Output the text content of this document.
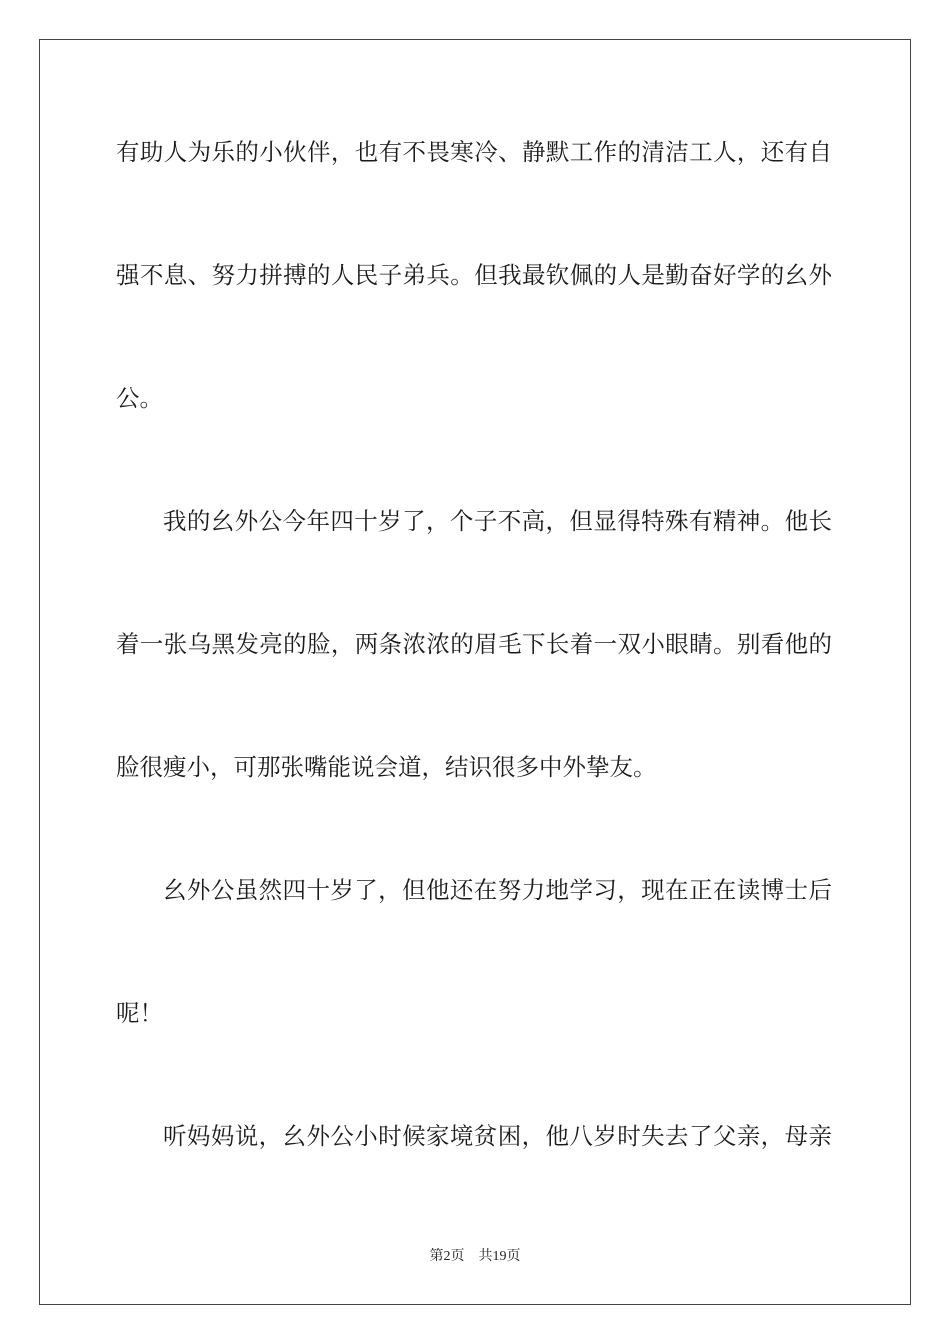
有助人为乐的小伙伴，也有不畏寒冷、静默工作的清洁工人，还有自
强不息、努力拼搏的人民子弟兵。但我最钦佩的人是勤奋好学的幺外
公。
我的幺外公今年四十岁了，个子不高，但显得特殊有精神。他长
着一张乌黑发亮的脸，两条浓浓的眉毛下长着一双小眼睛。别看他的
脸很瘦小，可那张嘴能说会道，结识很多中外挚友。
幺外公虽然四十岁了，但他还在努力地学习，现在正在读博士后
呢！
听妈妈说，幺外公小时候家境贫困，他八岁时失去了父亲，母亲
第2页 共19页
